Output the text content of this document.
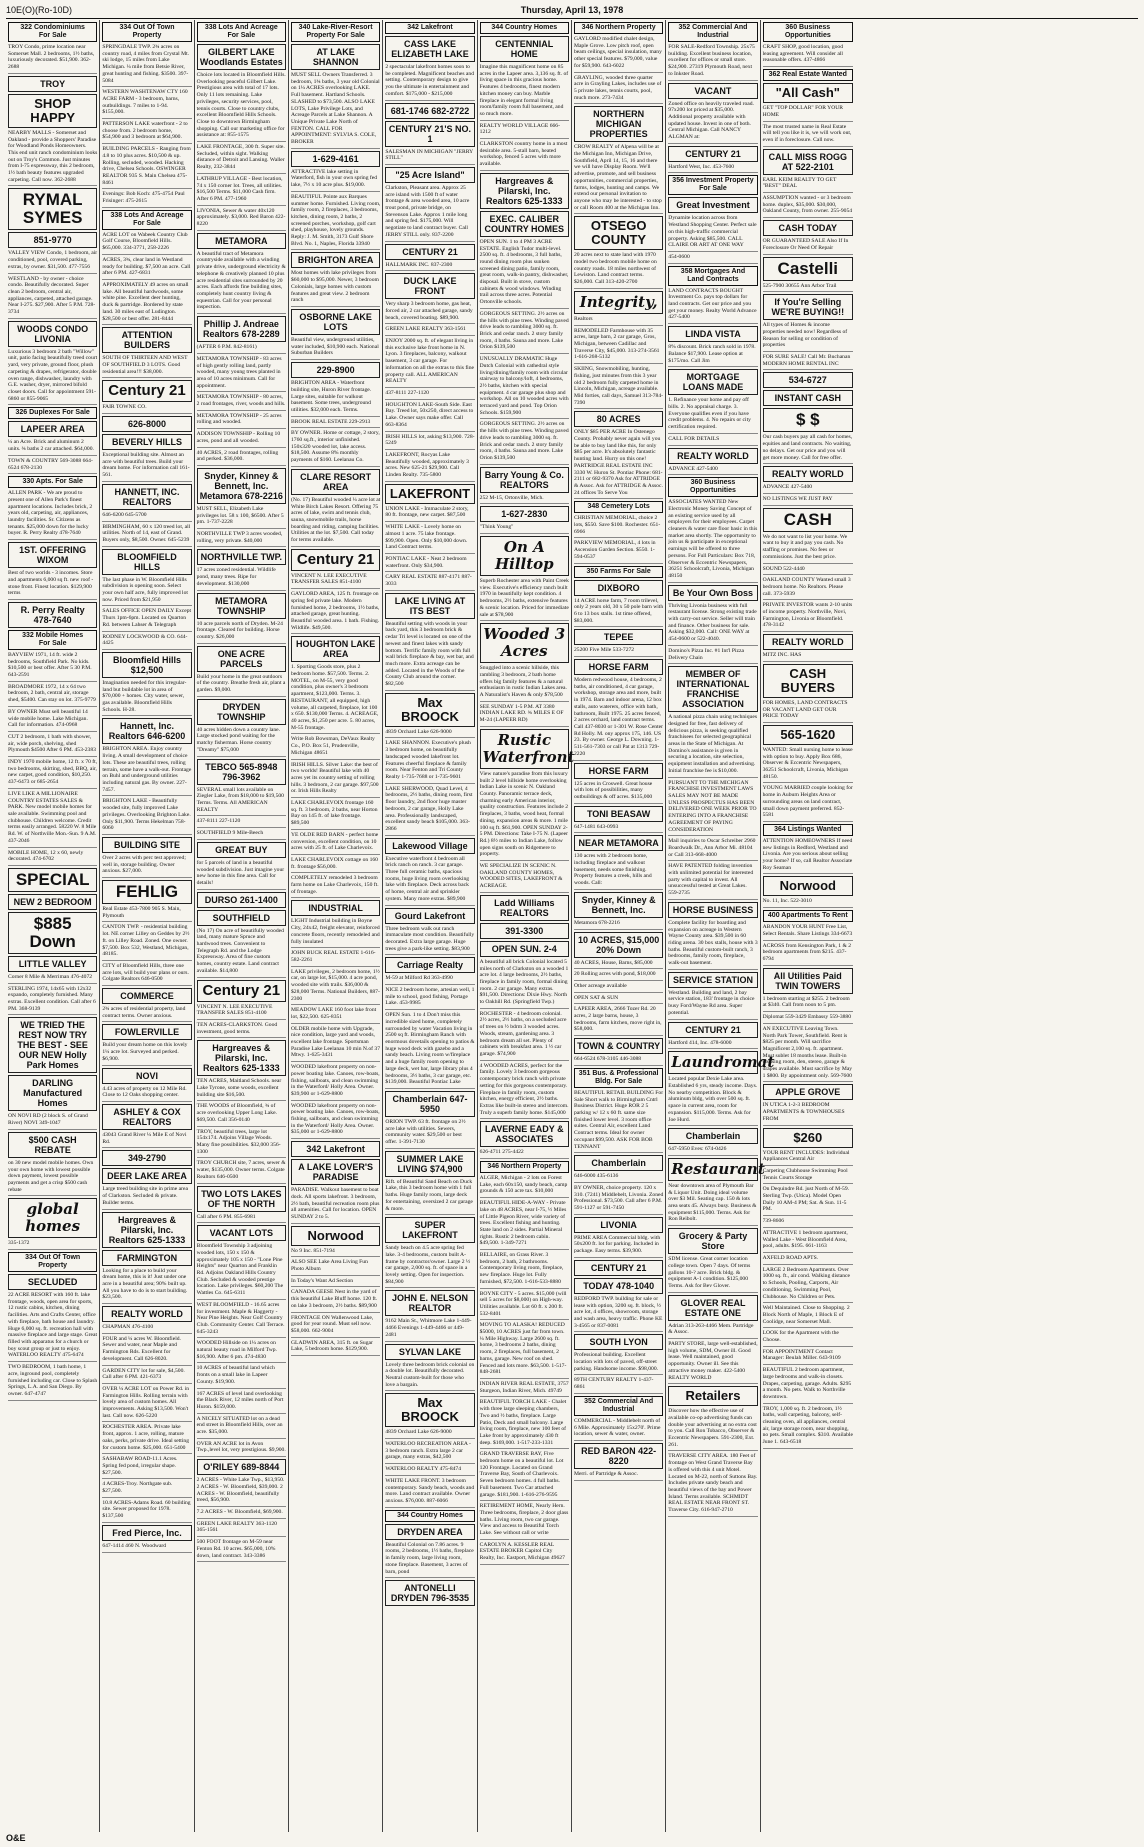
10E(O)(Ro-10D)	Thursday, April 13, 1978
322 Condominiums
For Sale

TROY Condo, prime location near Somerset Mall. 2 bedrooms, 1½ baths, luxuriously decorated. $51,900. 362-2688

TROY
SHOP HAPPY

NEARBY MALLS - Somerset and Oakland - provide a Shoppers' Paradise for Woodland Ponds Homeowners. This end unit ranch condominium looks out on Troy's Common. Just minutes from I-75 expressway, this 2 bedroom, 1½ bath beauty features upgraded carpeting. Call now. 362-2688

RYMAL SYMES
851-9770

VALLEY VIEW Condo, 1 bedroom, air conditioned, pool, covered parking, extras, by owner. $31,500. 477-7556

WESTLAND - by owner - choice condo. Beautifully decorated. Super clean 2 bedroom, central air, appliances, carpeted, attached garage. Near I-275. $27,900. After 5 P.M. 728-3734

WOODS CONDO LIVONIA

Luxurious 3 bedroom 2 bath "Willow" unit, patio facing beautifully treed court yard, very private, ground floor, plush carpeting & drapes, refrigerator, double oven range, dishwasher, laundry with G.E. washer, dryer, mirrored bifold closet doors. Call for appointment 591-6860 or 855-9065

326 Duplexes For Sale
LAPEER AREA

¼ an Acre. Brick and aluminum 2 units. ¾ baths 2 car attached. $64,000.

TOWN & COUNTRY 569-3088 664-6524 678-2130

330 Apts. For Sale

ALLEN PARK - We are proud to present one of Allen Park's finest apartment locations. Includes brick, 2 years old, carpeting, air, appliances, laundry facilities. Sr. Citizens as tenants. $25,000 down for the lucky buyer. R. Perry Realty 478-7640

1ST. OFFERING WIXOM

Best of two worlds - 3 incomes. Store and apartments 6,000 sq ft. new roof - stone front. Finest location. $129,900 terms

R. Perry Realty 478-7640
332 Mobile Homes
For Sale

BAYVIEW 1971, 14 ft. wide 2 bedrooms, Southfield Park. No kids. $10,500 or best offer. After 5 30 P.M. 643-2591

BROADMORE 1972, 14 x 64 two bedroom, 2 bath, central air, storage shed, $5400. Can stay on lot. 375-9779

BY OWNER Must sell beautiful 14 wide mobile home. Lake Michigan. Call for information. 474-0968

CUT 2 bedroom, 1 bath with shower, air, wide porch, shelving, shed Plymouth $4500 After 6 PM. 453-2383

INDY 1970 mobile home, 12 ft. x 70 ft, two bedrooms, skirting, shed, BBQ, air, new carpet, good condition, $10,250. 437-6473 or 685-2654

LIVE LIKE A MILLIONAIRE COUNTRY ESTATES SALES & PARK. New model mobile homes for sale available. Swimming pool and clubhouse. Children welcome. Credit terms easily arranged. 58220 W. 8 Mile Rd. W. of Northville Mon.-Sun. 9 A.M. 437-2046

MOBILE HOME, 12 x 60, newly decorated. 474-6702

SPECIAL
NEW 2 BEDROOM
$885 Down
LITTLE VALLEY

Corner 8 Mile & Merriman 476-4072

STERLING 1974, 14x65 with 12x32 expando, completely furnished. Many extras. Excellent condition. Call after 6 PM. 368-9139

WE TRIED THE REST NOW TRY THE BEST - SEE OUR NEW Holly Park Homes
DARLING Manufactured Homes

ON NOVI RD (2 block S. of Grand River) NOVI 349-1047

$500 CASH REBATE

on 30 new model mobile homes. Own your own home with lowest possible down payment, lowest possible payments and get a crisp $500 cash rebate

global homes

335-1372

334 Out Of Town
Property
SECLUDED

22 ACRE RESORT with 160 ft. lake frontage, woods, open area for sports, 12 rustic cabins, kitchen, dining facilities. Arts and Crafts Center, office with fireplace, bath house and laundry. Huge 6,000 sq. ft. recreation hall with massive fireplace and large stage. Great filled with apparatus for a church or boy scout group or just to enjoy. WATERLOO REALTY 475-6474

TWO BEDROOM, 1 bath home, 1 acre, inground pool, completely furnished including car. Close to Splash Springs, L.A. and San Diego. By owner. 647-4747

334 Out Of Town
Property

SPRINGDALE TWP. 2¾ acres on country road, 4 miles from Crystal Mt. ski lodge, 15 miles from Lake Michigan. ¼ mile from Betsie River, great hunting and fishing. $3500. 397-5084

WESTERN WASHTENAW CTY 160 ACRE FARM - 3 bedroom, barns, outbuildings. 7 miles to 1-94. $155,000.

PATTERSON LAKE waterfront - 2 to choose from. 2 bedroom home, $54,900 and 3 bedroom at $64,900.

BUILDING PARCELS - Ranging from 4.8 to 10 plus acres. $10,500 & up. Rolling, secluded, wooded. Hacking drive, Chelsea Schools. OSWINGER REALTOR 935 S. Main Chelsea 475-8461

Evenings: Bob Koch: 475-4754 Paul Frisinger: 475-2615

338 Lots And Acreage
For Sale

ACRE LOT on Wabeek Country Club Golf Course, Bloomfield Hills. $65,000. 334-3771, 258-2226

ACRES, 3¾, clear land in Westland ready for building. $7,500 an acre. Call after 6 PM. 427-6831

APPROXIMATELY 49 acres on small lake. All beautiful hardwoods, some white pine. Excellent deer hunting, duck & partridge. Bordered by state land. 30 miles east of Ludington. $28,500 or best offer. 281-8444

ATTENTION BUILDERS

SOUTH OF THIRTEEN AND WEST OF SOUTHFIELD 3 LOTS. Good residential area!!! $38,000.

Century 21

FAIR TOWNE CO.

626-8000
BEVERLY HILLS

Exceptional building site. Almost an acre with beautiful trees. Build your dream home. For information call 161-561.

HANNETT, INC. REALTORS

646-6200 645-5700

BIRMINGHAM, 60 x 120 treed lot, all utilities. North of 14, east of Grand. Buyers only, $8,500. Owner. 645-5239

BLOOMFIELD HILLS

The last phase in W. Bloomfield Hills subdivision is opening soon. Select your own half acre, fully improved lot now. Priced from $21,950

SALES OFFICE OPEN DAILY Except Thurs 1pm-6pm. Located on Quarton Rd. between Lahser & Telegraph

RODNEY LOCKWOOD & CO. 644-4425

Bloomfield Hills $12,500

Imagination needed for this irregular-land but buildable lot in area of $70,000 + homes. City water, sewer, gas available. Bloomfield Hills Schools. H-28.

Hannett, Inc. Realtors 646-6200

BRIGHTON AREA. Enjoy country living. A small development of choice lots. These are beautiful trees, rolling terrain, some have a walk-out. Frontage on Buhl and underground utilities including natural gas. By owner. 227-7457.

BRIGHTON LAKE - Beautifully wooded site, fully improved Lake privileges. Overlooking Brighton Lake. Only $11,900. Terms Hekelman 758-6060

BUILDING SITE

Over 2 acres with perc test approved; well in, storage building. Owner anxious. $27,000.

FEHLIG

Real Estate 453-7800 905 S. Main, Plymouth

CANTON TWP. - residential building lot. NE corner Lilley on Geddes by 2½ ft. on Lilley Road. Zoned. One owner. $7,500. Box 532, Westland, Michigan, 48185.

CITY of Bloomfield Hills, three one acre lots, will build your plans or ours. Colgate Realtors 646-0500

COMMERCE

2¾ acres of residential property, land contract terms. Owner anxious.

FOWLERVILLE

Build your dream home on this lovely 1¼ acre lot. Surveyed and perked. $6,900.

NOVI

4.43 acres of property on 12 Mile Rd. Close to 12 Oaks shopping center.

ASHLEY & COX REALTORS

43043 Grand River ¼ Mile E of Novi Rd.

349-2790
DEER LAKE AREA

Large treed building site in prime area of Clarkston. Secluded & private. Builder terms.

Hargreaves & Pilarski, Inc. Realtors 625-1333
FARMINGTON

Looking for a place to build your dream home, this is it! Just under one acre in a beautiful area; 90% built up. All you have to do is to start building. $23,500.

REALTY WORLD

CHAPMAN 476-4100

FOUR and ¼ acres W. Bloomfield. Sewer and water, near Maple and Farmington Rds. Excellent for development. Call 626-8020.

GARDEN CITY lot for sale, $4,500. Call after 6 PM. 421-6373

OVER ¼ ACRE LOT on Power Rd. in Farmington Hills. Rolling terrain with lovely area of custom homes. All improvements. Asking $13,500. Won't last. Call now. 626-5220

ROCHESTER AREA. Private lake front, approx. 1 acre, rolling, mature oaks, perks, private drive. Ideal setting for custom home. $25,000. 651-5400

SASHABAW ROAD-11.1 Acres. Spring fed pond, irregular shape. $27,500.

4 ACRES-Troy. Northgate sub. $27,500.

10.8 ACRES-Adams Road. 60 building site. Sewer proposed for 1978. $137,500

Fred Pierce, Inc.

647-1414 460 N. Woodward

338 Lots And Acreage
For Sale
GILBERT LAKE Woodlands Estates

Choice lots located in Bloomfield Hills. Overlooking peaceful Gilbert Lake. Prestigious area with total of 17 lots. Only 11 lots remaining. Lake privileges, security services, pool, tennis courts. Close to country clubs, excellent Bloomfield Hills Schools. Close to downtown Birmingham shopping. Call our marketing office for assistance at: 855-1575

LAKE FRONTAGE, 300 ft. Super site. Secluded, within sight. Walking distance of Detroit and Lansing. Waller Realty, 232-3844

LATHRUP VILLAGE - Best location, 74 x 150 corner lot. Trees, all utilities. $16,500 Terms. $11,000 Cash firm. After 6 PM. 477-1960

LIVONIA, Sewer & water 40x120 approximately. $3,000. Red Baron 422-8220

METAMORA

A beautiful tract of Metamora countryside available with a winding private drive, underground electricity & telephone & creatively planned 10 plus acre residential sites surrounded by 20 acres. Each affords fine building sites, completely hunt country living & equestrian. Call for your personal inspection.

Phillip J. Andreae Realtors 678-2289

(AFTER 6 P.M. 842-8161)

METAMORA TOWNSHIP - 83 acres of high gently rolling land, partly wooded, many young trees planted in area of 10 acres minimum. Call for appointment.

METAMORA TOWNSHIP - 80 acres, 2 road frontages, river, woods and hills.

METAMORA TOWNSHIP - 25 acres rolling and wooded.

ADDISON TOWNSHIP - Rolling 10 acres, pond and all wooded.

40 ACRES, 2 road frontages, rolling and perked. $36,000.

Snyder, Kinney & Bennett, Inc. Metamora 678-2216

MUST SELL, Elizabeth Lake privileges lot. 58 x 100, $6500. After 5 pm. 1-737-2228

NORTHVILLE TWP 3 acres wooded, rolling, very private. $40,000

NORTHVILLE TWP.

17 acres zoned residential. Wildlife pond, many trees. Ripe for development. $130,000

METAMORA TOWNSHIP

10 acre parcels north of Dryden. M-24 frontage. Cleared for building. Horse country. $26,000

ONE ACRE PARCELS

Build your home in the great outdoors of the country. Breathe fresh air, plant a garden. $9,000.

DRYDEN TOWNSHIP

40 acres hidden down a country lane. Large stocked pond waiting for the matchy fisherman. Horse country "Dreamy" $75,000

TEBCO 565-8948 796-3962

SEVERAL small lots available on Ziegler Lake, from $18,000 to $19,500 Terms. Terms. All AMERICAN REALTY

437-8111 227-1120

SOUTHFIELD 9 Mile-Beech

GREAT BUY

for 5 parcels of land in a beautiful wooded subdivision. Just imagine your new home in this fine area. Call for details!

DURSO 261-1400
SOUTHFIELD

(No 17) On acre of beautifully wooded land, many mature Spruce and hardwood trees. Convenient to Telegraph Rd. and the Lodge Expressway. Area of fine custom homes, country estate. Land contract available. $14,800

Century 21

VINCENT N. LEE EXECUTIVE TRANSFER SALES 851-4100

TEN ACRES-CLARKSTON. Good investment, good terms.

Hargreaves & Pilarski, Inc. Realtors 625-1333

TEN ACRES, Maitland Schools. near Lake Tyrone, some woods, excellent building site $16,500.

THE WOODS of Bloomfield, ¾ of acre overlooking Upper Long Lake. $69,500. Call 356-0140

TROY, beautiful trees, large lot 154x174. Adjoins Village Woods. Many fine possibilities. $32,000 356-1300

TROY CHURCH site, 7 acres, sewer & water, $135,000. Owner terms. Colgate Realtors 646-0500

TWO LOTS LAKES OF THE NORTH

Call after 6 PM. 855-6981

VACANT LOTS

Bloomfield Township 3 adjoining wooded lots, 150 x 150 & approximately 105 x 150 - "Lone Pine Heights" near Quarton and Franklin Rd. Adjoins Oakland Hills Country Club. Secluded & wooded prestige location. Lake privileges. $60,200 The Wattles Co. 645-6311

WEST BLOOMFIELD - 16.65 acres for investment. Maple & Haggerty - Near Pine Heights. Near Golf Country Club. Community Center. Call Terrace. 645-3243

WOODED Hillside on 1¼ acres on natural beauty road in Milford Twp. $16,900. After 6 pm. 474-4830

10 ACRES of beautiful land which fronts on a small lake in Lapeer County. $19,900.

167 ACRES of level land overlooking the Black River, 12 miles north of Port Huron. $159,000.

A NICELY SITUATED lot on a dead end street in Bloomfield Hills, over an acre. $35,000.

OVER AN ACRE lot in Avon Twp.,level lot, very prestigious. $9,900.

O'RILEY 689-8844

2 ACRES - White Lake Twp., $13,950. 2 ACRES - W. Bloomfield, $39,000. 2 ACRES - W. Bloomfield, beautifully treed, $56,900.

7.2 ACRES - W. Bloomfield, $69,900.

GREEN LAKE REALTY 363-1120 365-1561

500 FOOT frontage on M-59 near Fenton Rd. 10 acres. $65,000, 10% down, land contract. 343-3386

340 Lake-River-Resort
Property For Sale
AT LAKE SHANNON

MUST SELL Owners Transferred. 3 bedroom, 1¾ baths, 3 year old Colonial on 1¼ ACRES overlooking LAKE. Full basement. Hartland Schools. SLASHED to $73,500. ALSO LAKE LOTS, Lake Privilege Lots, and Acreage Parcels at Lake Shannon. A Unique Private Lake North of FENTON. CALL FOR APPOINTMENT: SYLVIA S. COLE, BROKER

1-629-4161

ATTRACTIVE lake setting in Waterford, fish in your own spring fed lake, 7½ x 10 acre plus. $19,000.

BEAUTIFUL Pointe aux Barques summer home. Furnished. Living room, family room, 2 fireplaces, 3 bedrooms, kitchen, dining room, 2 baths, 2 screened porches, workshop, golf cart shed, playhouse, lovely grounds. Reply: J. M. Smith, 3173 Gulf Shore Blvd. No. 1, Naples, Florida 33940

BRIGHTON AREA

Most homes with lake privileges from $60,000 to $95,000. Newer, 3 bedroom Colonials, large homes with custom features and great view. 2 bedroom ranch

OSBORNE LAKE LOTS

Beautiful view, underground utilities, water included, $10,900 each. National Suburban Builders

229-8900

BRIGHTON AREA - Waterfront building site, Huron River frontage. Large sites, suitable for walkout basement. Some trees, underground utilities. $32,000 each. Terms.

BROOK REAL ESTATE 229-2913

BY OWNER. Home or cottage, 2 story, 1760 sq.ft., interior unfinished. 150x320 wooded lot, lake access. $18,500. Assume 8% monthly payments of $160. Leelanau Co.

CLARE RESORT AREA

(No. 17) Beautiful wooded ¼ acre lot at White Birch Lakes Resort. Offering 75 acres of lake, swim and tennis club, sauna, snowmobile trails, horse boarding and riding, camping facilities. Utilities at the lot. $7,500. Call today for terms available.

Century 21

VINCENT N. LEE EXECUTIVE TRANSFER SALES 851-4100

GAYLORD AREA, 125 ft. frontage on spring fed private lake. Modern furnished home, 2 bedrooms, 1½ baths, attached garage, great hunting. Beautiful wooded area. 1 bath. Fishing. Wildlife. $49,500.

HOUGHTON LAKE AREA

1. Sporting Goods store, plus 2 bedroom home. $57,500. Terms. 2. MOTEL, on M-55, very good condition, plus owner's 3 bedroom apartment, $123,000. Terms. 3. RESTAURANT, all equipped, high volume, all carpeted, fireplace, lot 100 x 650. $130,000 Terms. 4. ACREAGE, 40 acres, $1,250 per acre. 5. 80 acres, M-55 frontage.

Write Rob Bowsman, DeVaux Realty Co., P.O. Box 51, Prudenville, Michigan 48651

IRISH HILLS. Silver Lake: the best of two worlds! Beautiful lake with 40 acres yet its country setting of rolling hills. 3 bedroom, 2 car garage. $97,500 or. Irish Hills Realty

LAKE CHARLEVOIX frontage 160 sq. ft. 3 bedroom, 2 baths, near Horton Bay on 145 ft. of lake frontage. $89,500

YE OLDE RED BARN - perfect home conversion, excellent condition, on 10 acres with 25 ft. of Lake Charlevoix.

LAKE CHARLEVOIX cottage on 160 ft. frontage $56,000.

COMPLETELY remodeled 3 bedroom farm home on Lake Charlevoix, 150 ft. of frontage.

INDUSTRIAL

LIGHT Industrial building in Boyne City, 24x42, freight elevator, reinforced concrete floors, recently remodeled and fully insulated

JOHN BUCK REAL ESTATE 1-616-582-2261

LAKE privileges, 2 bedroom home, 1½ car, on large lot, $15,000. 4 acre pond, wooded site with trails. $36,000 & $28,000 Terms. National Builders, 887-2300

MEADOW LAKE 160 foot lake front lot, $22,500. 625-8351

OLDER mobile home with Upgrade, nice condition, large yard and woods, excellent lake frontage. Sportsman Paradise Lake Leelanau 10 min N.of 37 Mtwy. 1-625-3431

WOODED lakefront property on non-power boating lake. Canoes, row-boats, fishing, sailboats, and clean swimming in the Waterford/ Holly Area. Owner. $39,900 or 1-629-8800

WOODED lakefront property on non-power boating lake. Canoes, row-boats, fishing, sailboats, and clean swimming in the Waterford/ Holly Area. Owner. $35,000 or 1-629-8800

342 Lakefront
A LAKE LOVER'S PARADISE

PARADISE. Walkout basement to boat dock. All sports lakefront. 3 bedroom, 2½ bath, beautiful recreation room plus all amenities. Call for location. OPEN SUNDAY 2 to 5.

Norwood

No 9 Inc. 851-7194

ALSO SEE Lake Area Living Fun Photo Album

In Today's Want Ad Section

CANADA GEESE Nest in the yard of this beautiful Lake Bluff home. 120 ft. on lake 3 bedroom, 2½ baths. $89,900

FRONTAGE ON Wallenwood Lake, good for year round. Must sell now. $58,000. 662-9004

GLADWIN AREA, 315 ft. on Sugar Lake, 5 bedroom home. $129,900.

342 Lakefront
CASS LAKE ELIZABETH LAKE

2 spectacular lakefront homes soon to be completed. Magnificent beaches and setting. Contemporary design to give you the ultimate in entertainment and comfort. $175,000 - $215,000

681-1746 682-2722
CENTURY 21'S NO. 1

SALESMAN IN MICHIGAN "JERRY STILL"

"25 Acre Island"

Clarkston, Pleasant area. Approx 25 acre island with 1500 ft of water frontage & area wooded area, 10 acre trout pond, private bridge, on Stevenson Lake. Approx 1 mile long and spring fed. $175,000. Will negotiate to land contract buyer. Call JERRY STILL only. 837-2200

CENTURY 21

HALLMARK INC. 837-2300

DUCK LAKE FRONT

Very sharp 3 bedroom home, gas heat, forced air, 2 car attached garage, sandy beach, covered boating. $89,900.

GREEN LAKE REALTY 363-1561

ENJOY 2000 sq. ft. of elegant living in this exclusive lake front home in N. Lyon. 3 fireplaces, balcony, walkout basement, 3 car garage. For information on all the extras to this fine property call. ALL AMERICAN REALTY

437-8111 227-1120

HOUGHTON LAKE-South Side. East Bay. Treed lot, 50x250, direct access to Lake. Owner says make offer. Call 663-8364

IRISH HILLS lot, asking $13,900. 728-5249

LAKEFRONT, Rocyas Lake Beautifully wooded, approximately 3 acres. New 625-21 $29,900. Call Linden Realty. 735-5800

LAKEFRONT

UNION LAKE - Immaculate 2 story, 80 ft. frontage, new carpet. $87,500

WHITE LAKE - Lovely home on almost 1 acre. 75 lake frontage. $99,900. Open. Only $10,000 down. Land Contract terms.

PONTIAC LAKE - Neat 2 bedroom waterfront. Only $34,900.

CARY REAL ESTATE 887-4171 887-3033

LAKE LIVING AT ITS BEST

Beautiful setting with woods in your back yard, this 3 bedroom brick & cedar Tri level is located on one of the newest and finest lakes with sandy bottom. Terrific family room with full wall brick fireplace & bay, wet bar, and much more. Extra acreage can be added. Located in the Woods of the County Club around the corner. $82,500

Max BROOCK

4839 Orchard Lake 626-9000

LAKE SHANNON. Executive's plush 3 bedroom home, on beautifully landscaped wooded lakefront lot. Features cheerful fireplace & family room. Near Fenton and Tri County Realty 1-735-7688 or 1-735-9601

LAKE SHERWOOD, Quad Level, 4 bedrooms, 2½ baths, dining room, first floor laundry, 2nd floor huge master bedroom, 2 car garage, Holly Lake area. Professionally landscaped, excellent sandy beach $105,000. 363-2866

Lakewood Village

Executive waterfront 4 bedroom all brick ranch on ranch. 3 car garage. Three full ceramic baths, spacious rooms, huge living room overlooking lake with fireplace. Deck across back of home, central air and sprinkler system. Many more extras. $89,900

Gourd Lakefront

Three bedroom walk out ranch immaculate most condition. Beautifully decorated. Extra large garage. Huge trees give a park-like setting. $83,900

Carriage Realty

M-59 at Milford Rd 363-4990

NICE 2 bedroom home, artesian well, 1 mile to school, good fishing, Portage Lake. 453-9985

OPEN Sun. 1 to 4 Don't miss this incredible sized home, completely surrounded by water Vacation living in 2500 sq ft. Birmingham Ranch with enormous dovetails opening to patios & huge wood deck with gazebo and a sandy beach. Living room w/fireplace and a huge family room opening to large deck, wet bar, large library plus 4 bedrooms, 3½ baths, 3 car garage, etc. $139,000. Beautiful Pontiac Lake

Chamberlain 647-5950

ORION TWP. 63 ft. frontage on 2½ acre lake with utilities. Sewers, community water. $29,500 or best offer. 1-391-7130

SUMMER LAKE LIVING $74,900

Rift. of Beautiful Sand Beach on Duck Lake, this 3 bedroom home with 1 full baths. Huge family room, large deck for entertaining, oversized 2 car garage & more.

SUPER LAKEFRONT

Sandy beach on 4.5 acre spring fed lake. 3-4 bedrooms, custom built A-frame by contractor/owner. Large 2 ½ car garage, 2,000 sq. ft. of space in a lovely setting. Open for inspection. $84,900

JOHN E. NELSON REALTOR

9162 Main St., Whitmore Lake 1-449-4466 Evenings 1-449-4466 or 449-2481

SYLVAN LAKE

Lovely three bedroom brick colonial on a double lot. Beautifully decorated. Neutral custom-built for those who love a bargain.

Max BROOCK

4839 Orchard Lake 626-9000

WATERLOO RECREATION AREA - 3 bedroom ranch. Extra large 2 car garage, many extras, $42,500

WATERLOO REALTY 475-8474

WHITE LAKE FRONT. 3 bedroom contemporary. Sandy beach, woods and more. Land contract available. Owner anxious. $76,000. 887-6066

344 Country Homes
DRYDEN AREA

Beautiful Colonial on 7.86 acres. 9 rooms, 2 bedrooms, 1½ baths, fireplace in family room, large living room, stone fireplace. Basement, 3 acres of barn, pond

ANTONELLI DRYDEN 796-3535
344 Country Homes
CENTENNIAL HOME

Imagine this magnificent home on 85 acres in the Lapeer area. 3,136 sq. ft. of living space in this gracious home. Features 4 bedrooms, finest modern kitchen money can buy. Marble fireplace in elegant formal living room/family room full basement, and so much more.

REALTY WORLD VILLAGE 666-1212

CLARKSTON country home in a most desirable area. 5-stall barn, heated workshop, fenced 5 acres with more available.

Hargreaves & Pilarski, Inc. Realtors 625-1333
EXEC. CALIBER COUNTRY HOMES

OPEN SUN. 1 to 4 PM 3 ACRE ESTATE. English Tudor multi-level. 2500 sq. ft. 4 bedrooms, 3 full baths, round dining room plus sunken screened dining patio, family room, great room, walk-in pantry, dishwasher, disposal. Built in stove, custom cabinets & wood windows. Winding trail across three acres. Potential Ortonville schools.

GORGEOUS SETTING. 2½ acres on the hills with pine trees. Winding paved drive leads to rambling 3000 sq. ft. Brick and cedar ranch. 2 story family room, 4 baths. Sauna and more. Lake Orion $139,500

UNUSUALLY DRAMATIC Huge Dutch Colonial with cathedral style living/dining/family room with circular stairway to balcony/loft, 4 bedrooms, 2½ baths, kitchen with special equipment. 4 car garage plus shop and workshop. All on 10 wooded acres with terraced yard and pond. Top Orion Schools. $159,900

GORGEOUS SETTING. 2½ acres on the hills with pine trees. Winding paved drive leads to rambling 3000 sq. ft. Brick and cedar ranch. 2 story family room, 4 baths. Sauna and more. Lake Orion $139,500

Barry Young & Co. REALTORS

252 M-15, Ortonville, Mich.

1-627-2830

"Think Young"

On A Hilltop

Superb Rochester area with Paint Creek view. Executive's efficiency ranch built 1970 in beautifully kept condition. 4 bedrooms, 2½ baths, extensive features & scenic location. Priced for immediate sale at $78,900

Wooded 3 Acres

Snuggled into a scenic hillside, this rambling 3 bedroom, 2 bath home offers big family features & a natural enthusiasm in rustic Indian Lakes area. A Naturalist's Haven & only $78,500

SEE SUNDAY 1-5 P.M. AT 3380 INDIAN LAKE RD. ¾ MILES E OF M-24 (LAPEER RD)

Rustic Waterfront

View nature's paradise from this luxury built 2 level hillside home overlooking Indian Lake in scenic N. Oakland County. Panoramic terrace deck, charming early American interior, quality construction. Features include 2 fireplaces, 3 baths, wood heat, formal dining, expansion areas & more. 1 mile 100 sq ft. $61,900. OPEN SUNDAY 2-5 PM. Directions: Take I-75 N. (Lapeer Rd.) 8½ miles to Indian Lake, follow open signs south on Ridgemere to property.

WE SPECIALIZE IN SCENIC N. OAKLAND COUNTY HOMES, WOODED SITES, LAKEFRONT & ACREAGE.

Ladd Williams REALTORS
391-3300
OPEN SUN. 2-4

A beautiful all brick Colonial located 5 miles north of Clarkston on a wooded 1 acre lot. 4 large bedrooms, 2½ baths, fireplace in family room, formal dining room. 2 car garage. Many extras. $91,500. Directions: Dixie Hwy. North to Oakhill Rd. (Springfield Twp.)

ROCHESTER - 4 bedroom colonial. 2½ acres, 2½ baths, on a secluded acre of trees on ½ bdrm 3 wooded acres. Woods, stream, gardening area. 3 bedroom dream all set. Plenty of cabinets with breakfast area. 1 ½ car garage. $74,900

4 WOODED ACRES, perfect for the family. Lovely 3 bedroom gorgeous contemporary brick ranch with private setting for this gorgeous contemporary. Fireplace in family room, custom kitchen, energy efficient, 2½ baths. Extras like built-in stereo and intercom. Truly a superb family home. $145,000

LAVERNE EADY & ASSOCIATES

626-4711 275-4422

346 Northern Property

ALGER, Michigan - 2 lots on Forest Lake, each 60x150, sandy beach, camp grounds & 150 acre tax. $10,000

BEAUTIFUL HIDE-A-WAY - Private lake on 48 ACRES, near I-75, ½ Miles of Little Pigeon River, wide variety of trees. Excellent fishing and hunting. State land on 2 sides. Partial Mineral rights. Rustic 2 bedroom cabin. $49,500. 1-349-7271

BELLAIRE, on Grass River. 3 bedroom, 2 bath, 2 bathrooms. Contemporary living room, fireplace, new fireplace. Huge lot. Fully furnished, $72,500. 1-616-533-8880

BOYNE CITY - 5 acres. $15,000 (will sell 5 acres for $8,000) on High-way. Utilities available. Lot 60 ft. x 200 ft. 532-8401

MOVING TO ALASKA! REDUCED $5000, 10 ACRES just far from town. ¼ Mile Highway. Large 2600 sq. ft. home, 3 bedrooms 2 baths, dining room, 2 fireplaces, full basement, 2 barns, garage. New roof on shed. Fenced and lots more. $63,500. 1-517-848-2681

INDIAN RIVER REAL ESTATE, 3757 Sturgeon, Indian River, Mich. 49749

BEAUTIFUL TORCH LAKE - Chalet with three large sleeping chambers, Two and ½ baths, fireplace. Large Patio, Deck and small balcony. Large living room, fireplace, new 100 feet of Lake front by approximately 430 ft deep. $169,000. 1-517-233-1331

GRAND TRAVERSE BAY, Five bedroom home on a beautiful lot. Lot 120 Frontage. Located on Grand Traverse Bay, South of Charlevoix. Seven bedroom homes. 4 full baths. Full basement. Two Car attached garage. $181,900. 1-616-276-9595

RETIREMENT HOME, Nearly Hern. Three bedrooms, fireplace, 2 door glass baths. Living room, two car garage. View and access to Beautiful Torch Lake. See without call or write

CAROLYN A. KESSLER REAL ESTATE BROKER Capitol City Realty, Inc. Eastport, Michigan 49627

346 Northern Property

GAYLORD modified chalet design, Maple Grove. Low pitch roof, open beam ceilings, special insulation, many other special features. $79,000, value for $59,900. 643-6022

GRAYLING, wooded three quarter acre in Grayling Lakes, includes use of 5 private lakes, tennis courts, pool, much more. 273-7434

NORTHERN MICHIGAN PROPERTIES

CROW REALTY of Alpena will be at the Michigan Inn, Michigan Drive, Southfield, April 14, 15, 16 and there we will have Display Room. We'll advertise, promote, and sell business opportunities, commercial properties, farms, lodges, hunting and camps. We extend our personal invitation to anyone who may be interested - to stop or call Room 400 at the Michigan Inn.

OTSEGO COUNTY

20 acres next to state land with 1970 model two bedroom mobile home on country roads. 18 miles northwest of Lewiston. Land contract terms. $26,000. Call 313-420-2700

Integrity,

Realtors

REMODELED Farmhouse with 35 acres, large barn, 2 car garage, Gros, Michigan, between Cadillac and Traverse City, $45,000. 313-274-3561 1-616-268-5132

SKIING, Snowmobiling, hunting, fishing, just minutes from this 3 year old 2 bedroom fully carpeted home in Lincoln, Michigan, acreage available. Mid forties, call days, Samuel 313-784-7390

80 ACRES

ONLY $85 PER ACRE In Ostenego County. Probably never again will you be able to buy land like this, for only $85 per acre. It's absolutely fantastic hunting land. Hurry on this one! PARTRIDGE REAL ESTATE INC 3330 W. Huron St. Pontiac Phone: 681-2111 or 682-9370 Ask for ATTRIDGE & Assoc. Ask for ATTRIDGE & Assoc. 24 offices To Serve You

348 Cemetery Lots

CHRISTIAN MEMORIAL, choice 2 lots, $550. Save $100. Rochester. 651-6966

PARKVIEW MEMORIAL, 4 lots in Ascension Garden Section. $550. 1-594-0537

350 Farms For Sale
DIXBORO

14 ACRE horse farm, 7 room trilevel, only 2 years old, 30 x 50 pole barn with 6 to 13 box stalls. 1st time offered, $83,000.

TEPEE

25200 Five Mile 533-7272

HORSE FARM

Modern redwood house, 4 bedrooms, 2 baths, air conditioned, 4 car garage, workshop, storage area and more, built in 1974. Barn and indoor arena, 12 box stalls, auto waterers, office with bath, bathroom, Built 1975. 25 acres fenced, 2 acres orchard, land contract terms. Call 437-8030 or 1-301 W. Rose Center Rd Holly. M. ony approx 175, 146. US 23. By owner. George L. Downing. 1-511-561-7303 or call Pat at 1313 729-2220

HORSE FARM

125 acres in Croswell. Great house with lots of possibilities, many outbuildings & off acres. $135,000

TONI BEASAW

647-1481 643-0993

NEAR METAMORA

130 acres with 2 bedroom home, including fireplace and walkout basement, needs some finishing. Property features a creek, hills and woods. Call:

Snyder, Kinney & Bennett, Inc.

Metamora 678-2216

10 ACRES, $15,000 20% Down

40 ACRES, House, Barns, $85,000

20 Rolling acres with pond, $18,000

Other acreage available

OPEN SAT & SUN

LAPEER AREA, 2666 Tozer Rd. 20 acres, 2 large barns, house, 3 bedrooms, farm kitchen, move right in, $58,000.

TOWN & COUNTRY

664-6524 678-3105 446-3088

351 Bus. & Professional
Bldg. For Sale

BEAUTIFUL RETAIL BUILDING For Sale Short walk to Birmingham Cntrl Business District. Huge ROR 2 5 parking w/ 12 x 60 ft. same size finished lower level. 3 room office suites. Central Air, excellent Land Contract terms. Ideal for owner occupant $99,500. ASK FOR BOB TENNANT

Chamberlain

646-6000 435-6136

BY OWNER, choice property. 120 x 310. (7241) Middlebelt, Livonia. Zoned Professional. $73,500. Call after 6 P.M. 591-1127 or 591-7450

LIVONIA

PRIME AREA Commercial bldg. with 50x200 ft. lot for parking. Included in package. Easy terms. $39,900.

CENTURY 21
TODAY 478-1040

REDFORD TWP. building for sale or lease with option, 3200 sq. ft. block, ½ acre lot, 4 offices, showroom, storage and wash area, heavy traffic. Phone KE 3-4565 or 837-0081

SOUTH LYON

Professional building. Excellent location with lots of paved, off-street parking. Handsome income. $98,000.

89TH CENTURY REALTY 1-437-6861

352 Commercial And
Industrial

COMMERCIAL - Middlebelt north of 6 Mile. Approximately 15x270'. Prime location, sewer & water, owner.

RED BARON 422-8220

Merri. of Partridge & Assoc.

352 Commercial And
Industrial

FOR SALE-Redford Township. 25x75 building. Excellent business location, excellent for offices or small store. $24,900. 27319 Plymouth Road, next to Inkster Road.

VACANT

Zoned office on heavily traveled road. 97x200 lot priced at $35,000. Additional property available with updated house. Invest in one of both. Central Michigan. Call NANCY ALGMAN at:

CENTURY 21

Hartford West, Inc. 453-7600

356 Investment Property
For Sale
Great Investment

Dynamite location across from Westland Shopping Center. Perfect sale on this high-traffic commercial property. Asking $85,500. CALL CLAIRE OR ART AT ONE WAY

454-0600

358 Mortgages And
Land Contracts

LAND CONTRACTS BOUGHT Investment Co. pays top dollars for land contracts. Get our price and you get your money. Realty World Advance 427-5400

LINDA VISTA

8% discount. Brick ranch sold in 1978. Balance $17,900. Lease option at $175/mo. Call Jim

MORTGAGE LOANS MADE

1. Refinance your home and pay off bills. 2. No appraisal charge. 3. Everyone qualifies even if you have credit problems. 4. No repairs or city certification required.

CALL FOR DETAILS

REALTY WORLD

ADVANCE 427-5400

360 Business
Opportunities

ASSOCIATES WANTED New Electronic Money Saving Concept of an existing service used by all employers for their employees. Carpet cleaners & water care floor basic in this market area shortly. The opportunity to join us & participate in exceptional earnings will be offered to three persons. For Full Particulars: Box 718, Observer & Eccentric Newspapers, 36251 Schoolcraft, Livonia, Michigan 48150

Be Your Own Boss

Thriving Livonia business with full restaurant license. Strong existing trade with carry-out service. Seller will train and finance. Other business for sale. Asking $32,000. Call: ONE WAY at 454-0600 or 522-4040.

Domino's Pizza Inc. #1 Int'l Pizza Delivery Chain

MEMBER OF INTERNATIONAL FRANCHISE ASSOCIATION

A national pizza chain using techniques designed for free, fast delivery of delicious pizza, is seeking qualified franchisees for selected geographical areas in the State of Michigan. At Domino's assistance is given in securing a location, site selection, equipment installation and advertising. Initial franchise fee is $10,000.

PURSUANT TO THE MICHIGAN FRANCHISE INVESTMENT LAWS SALES MAY NOT BE MADE UNLESS PROSPECTUS HAS BEEN DELIVERED ONE WEEK PRIOR TO ENTERING INTO A FRANCHISE AGREEMENT OF PAYING CONSIDERATION

Mail inquiries to Oscar Schreiber 2960 Boardwalk Dr., Ann Arbor Mi. 48104 or Call 313-668-4000

HAVE PATENTED folding invention with unlimited potential for interested party with capital to invest. All unsuccessful tested at Great Lakes. 559-2735

HORSE BUSINESS

Complete facility for boarding and expansion on acreage in Western Wayne County area. $39,500 in 60 riding arena. 30 box stalls, house with 3 baths. Beautiful custom-built ranch, 3 bedrooms, family room, fireplace, walk-out basement.

SERVICE STATION

Westland. Building and land, 2 bay service station, 183' frontage in choice busy Ford/Wayne Rd area. Super potential.

CENTURY 21

Hartford 414, Inc. 478-6000

Laundromat

Located popular Dexie Lake area. Established 6 yrs, steady income. Days. No nearby competition. Block & aluminum bldg, with over 500 sq. ft. space in current area, room for expansion. $115,000. Terms. Ask for Joe Hurd.

Chamberlain

647-5950 Eves: 674-0426

Restaurant

Near downtown area of Plymouth Bar & Liquor Unit. Doing ideal volume over $3 Mil. Seating cap. 150 & lots area seats 45. Always busy. Business & equipment $115,000. Terms. Ask for Ron Reibolt.

Grocery & Party Store

SDM license. Great corner location college town. Open 7 days. Of terms gallons 10-? acre. Brick bldg. & equipment A-1 condition. $125,000 Terms. Ask for Bev Glover.

GLOVER REAL ESTATE ONE

Adrian 313-263-4466 Mem. Partridge & Assoc.

PARTY STORE, large well-established, high volume, SDM, Owner ill. Good lease. Well maintained, good opportunity. Owner ill. See this attractive money maker. 422-5400 REALTY WORLD

Retailers

Discover how the effective use of available co-op advertising funds can double your advertising at no extra cost to you. Call Ron Tobacco, Observer & Eccentric Newspapers. 591-2300, Ext. 261.

TRAVERSE CITY AREA. 180 Feet of frontage on West Grand Traverse Bay is offered with this 4 unit Motel. Located on M-22, north of Suttons Bay. Includes private sandy beach and beautiful views of the bay and Power Island. Terms available. SCHMIDT REAL ESTATE NEAR FRONT ST. Traverse City. 616-947-2710

360 Business
Opportunities

CRAFT SHOP, good location, good leasing agreement. Will consider all reasonable offers. 437-4866

362 Real Estate Wanted
"All Cash"

GET "TOP DOLLAR" FOR YOUR HOME

The most trusted name in Real Estate will tell you like it is, we will work out, even if in foreclosure. Call now.

CALL MISS ROGG AT 522-2101

EARL KEIM REALTY TO GET "BEST" DEAL

ASSUMPTION wanted - or 3 bedroom home. duplex, $35,000. $30,000, Oakland County, from owner. 255-9054

CASH TODAY

OR GUARANTEED SALE Also If In Foreclosure Or Need Of Repair

Castelli

525-7900 30655 Ann Arbor Trail

If You're Selling WE'RE BUYING!!

All types of Homes & income properties needed now! Regardless of Reason for selling or condition of properties

FOR SURE SALE! Call Mr. Buchanan MODERN HOME RENTAL INC

534-6727
INSTANT CASH
$ $

Our cash buyers pay all cash for homes, equities and land contracts. No waiting, no delays. Get our price and you will get more money. Call for free offer.

REALTY WORLD

ADVANCE 427-5400

NO LISTINGS WE JUST PAY

CASH

We do not want to list your home. We want to buy it and pay you cash. No staffing or promises. No fees or commissions. Just the best price.

SOUND 522-4440

OAKLAND COUNTY Wanted small 3 bedroom home. No Realtors. Please call. 373-5939

PRIVATE INVESTOR wants 2-10 units of income property. Northville, Novi, Farmington, Livonia or Bloomfield. 478-3142

REALTY WORLD

MITZ INC. HAS

CASH BUYERS

FOR HOMES, LAND CONTRACTS OR VACANT LAND GET OUR PRICE TODAY

565-1620

WANTED: Small nursing home to lease with option to buy. Apply Box 686, Observer & Eccentric Newspapers, 36251 Schoolcraft, Livonia, Michigan 48150.

YOUNG MARRIED couple looking for home in Auburn Heights Area or surrounding areas on land contract, small down payment preferred. 852-5581

364 Listings Wanted

ATTENTION HOMEOWNERS If need new listings in Redford, Westland and Livonia. Are you serious about selling your home? If so, call Realtor Associate Roy Seaman

Norwood

No. 11, Inc. 522-3010

400 Apartments To Rent

ABANDON YOUR HUNT Free List, Select Rentals. Share Listings 334-6673

ACROSS from Kensington Park, 1 & 2 bedroom apartments from $215. 437-6794

All Utilities Paid TWIN TOWERS

1 bedroom starting at $255. 2 bedroom at $340. Call from noon to 5 pm.

Diplomat 559-3429 Embassy 559-3880

AN EXECUTIVE Leaving Town. North Park Tower, Southfield. Rent is $825 per month. Will sacrifice Magnificent 2,100 sq. ft. apartment. Must sublet 18 months lease. Built-in dressing room, den, stereo, garage & drapes available. Must sacrifice by May 1 $800. By appointment only. 569-7600

APPLE GROVE

IN UTICA 1-2-3 BEDROOM APARTMENTS & TOWNHOUSES FROM

$260

YOUR RENT INCLUDES: Individual Appliances Central Air

Carpeting Clubhouse Swimming Pool Tennis Courts Storage

On Dequindre Rd. just North of M-59. Sterling Twp. (Utica). Model Open Daily 10 AM-4 PM; Sat. & Sun. 11-5 PM.

739-8606

ATTRACTIVE 1 bedroom apartment, Walled Lake - West Bloomfield Area, pool, adults. $195. 661-1163

AXFELD ROAD APTS.

LARGE 2 Bedroom Apartments. Over 1000 sq. ft., air cond. Walking distance to Schools, Pooling, Carports, Air conditioning, Swimming Pool, Clubhouse. No Children or Pets.

Well Maintained. Close to Shopping. 2 Block North of Maple, 1 Block E of Coolidge, near Somerset Mall.

LOOK for the Apartment with the Choose.

FOR APPOINTMENT Contact Manager: Beulah Miller. 643-9109

BEAUTIFUL 2 bedroom apartment, large bedrooms and walk-in closets. Drapes, carpeting, garage. Adults. $295 a month. No pets. Walk to Northville downtown.

TROY, 1,000 sq. ft. 2 bedroom, 1½ baths, wall carpeting, balcony, self-cleaning oven, all appliances, central air, large storage room, near shopping, no pets. Small complex. $310. Available June 1. 643-6518

O&E
